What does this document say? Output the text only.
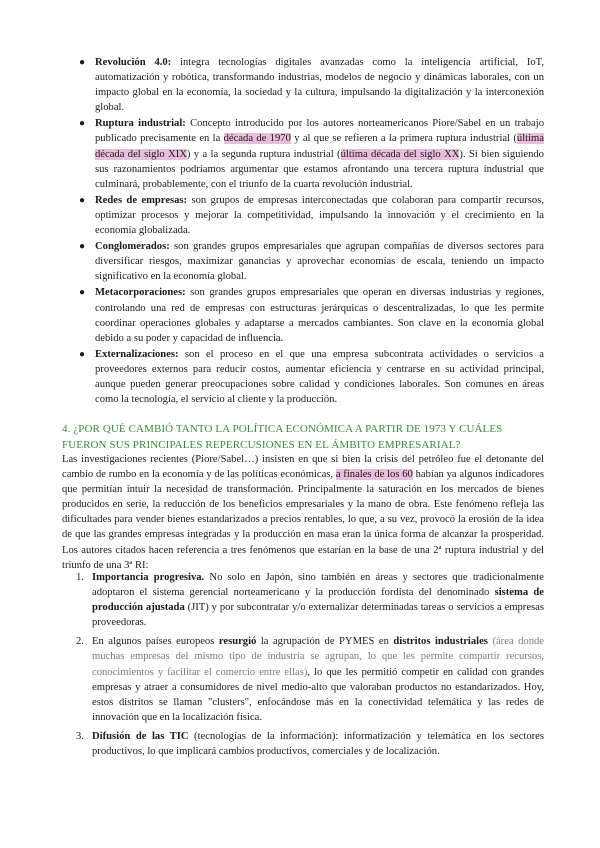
● Revolución 4.0: integra tecnologías digitales avanzadas como la inteligencia artificial, IoT, automatización y robótica, transformando industrias, modelos de negocio y dinámicas laborales, con un impacto global en la economía, la sociedad y la cultura, impulsando la digitalización y la interconexión global.
● Ruptura industrial: Concepto introducido por los autores norteamericanos Piore/Sabel en un trabajo publicado precisamente en la década de 1970 y al que se refieren a la primera ruptura industrial (última década del siglo XIX) y a la segunda ruptura industrial (última década del siglo XX). Si bien siguiendo sus razonamientos podríamos argumentar que estamos afrontando una tercera ruptura industrial que culminará, probablemente, con el triunfo de la cuarta revolución industrial.
● Redes de empresas: son grupos de empresas interconectadas que colaboran para compartir recursos, optimizar procesos y mejorar la competitividad, impulsando la innovación y el crecimiento en la economía globalizada.
● Conglomerados: son grandes grupos empresariales que agrupan compañías de diversos sectores para diversificar riesgos, maximizar ganancias y aprovechar economías de escala, teniendo un impacto significativo en la economía global.
● Metacorporaciones: son grandes grupos empresariales que operan en diversas industrias y regiones, controlando una red de empresas con estructuras jerárquicas o descentralizadas, lo que les permite coordinar operaciones globales y adaptarse a mercados cambiantes. Son clave en la economía global debido a su poder y capacidad de influencia.
● Externalizaciones: son el proceso en el que una empresa subcontrata actividades o servicios a proveedores externos para reducir costos, aumentar eficiencia y centrarse en su actividad principal, aunque pueden generar preocupaciones sobre calidad y condiciones laborales. Son comunes en áreas como la tecnología, el servicio al cliente y la producción.
4. ¿POR QUÉ CAMBIÓ TANTO LA POLÍTICA ECONÓMICA A PARTIR DE 1973 Y CUÁLES FUERON SUS PRINCIPALES REPERCUSIONES EN EL ÁMBITO EMPRESARIAL?

Las investigaciones recientes (Piore/Sabel…) insisten en que si bien la crisis del petróleo fue el detonante del cambio de rumbo en la economía y de las políticas económicas, a finales de los 60 habían ya algunos indicadores que permitían intuir la necesidad de transformación. Principalmente la saturación en los mercados de bienes producidos en serie, la reducción de los beneficios empresariales y la mano de obra. Este fenómeno refleja las dificultades para vender bienes estandarizados a precios rentables, lo que, a su vez, provocó la erosión de la idea de que las grandes empresas integradas y la producción en masa eran la única forma de alcanzar la prosperidad. Los autores citados hacen referencia a tres fenómenos que estarían en la base de una 2ª ruptura industrial y del triunfo de una 3ª RI:

1. Importancia progresiva. No solo en Japón, sino también en áreas y sectores que tradicionalmente adoptaron el sistema gerencial norteamericano y la producción fordista del denominado sistema de producción ajustada (JIT) y por subcontratar y/o externalizar determinadas tareas o servicios a empresas proveedoras.
2. En algunos países europeos resurgió la agrupación de PYMES en distritos industriales (área donde muchas empresas del mismo tipo de industria se agrupan, lo que les permite compartir recursos, conocimientos y facilitar el comercio entre ellas), lo que les permitió competir en calidad con grandes empresas y atraer a consumidores de nivel medio-alto que valoraban productos no estandarizados. Hoy, estos distritos se llaman "clusters", enfocándose más en la conectividad telemática y las redes de innovación que en la localización física.
3. Difusión de las TIC (tecnologías de la información): informatización y telemática en los sectores productivos, lo que implicará cambios productivos, comerciales y de localización.
